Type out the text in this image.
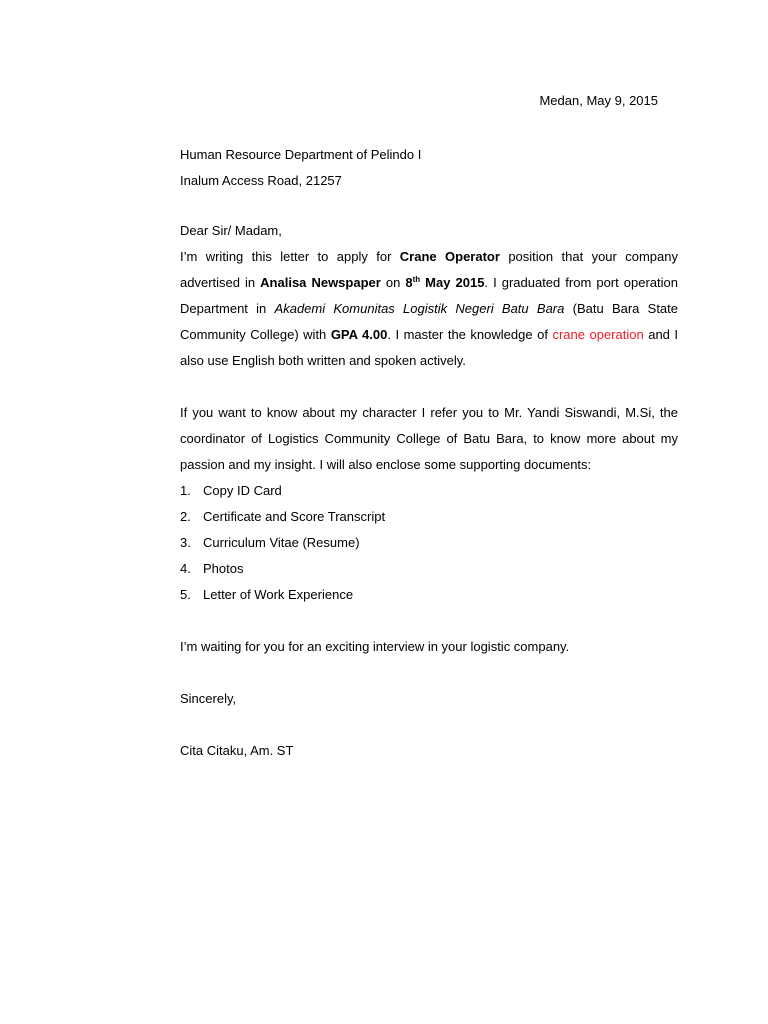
Medan, May 9, 2015
Human Resource Department of Pelindo I
Inalum Access Road, 21257
Dear Sir/ Madam,
I’m writing this letter to apply for Crane Operator position that your company
advertised in Analisa Newspaper on 8th May 2015. I graduated from port operation
Department in Akademi Komunitas Logistik Negeri Batu Bara (Batu Bara State
Community College) with GPA 4.00. I master the knowledge of crane operation and I
also use English both written and spoken actively.
If you want to know about my character I refer you to Mr. Yandi Siswandi, M.Si, the
coordinator of Logistics Community College of Batu Bara, to know more about my
passion and my insight. I will also enclose some supporting documents:
1. Copy ID Card
2. Certificate and Score Transcript
3. Curriculum Vitae (Resume)
4. Photos
5. Letter of Work Experience
I’m waiting for you for an exciting interview in your logistic company.
Sincerely,
Cita Citaku, Am. ST
